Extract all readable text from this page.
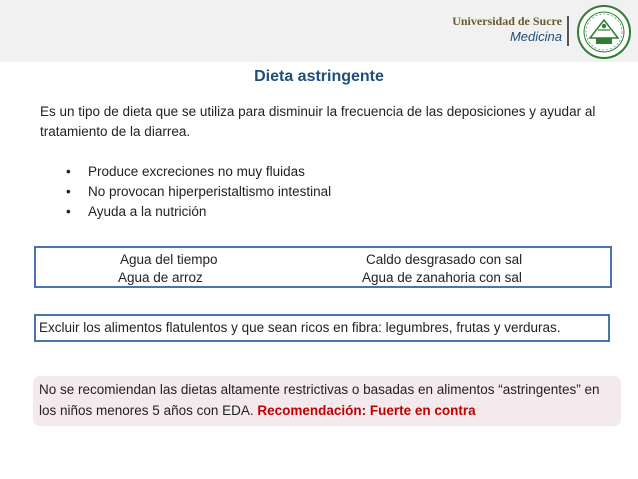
Universidad de Sucre
Medicina
Dieta astringente
Es un tipo de dieta que se utiliza para disminuir la frecuencia de las deposiciones y ayudar al tratamiento de la diarrea.
• Produce excreciones no muy fluidas
• No provocan hiperperistaltismo intestinal
• Ayuda a la nutrición
Agua del tiempo	Caldo desgrasado con sal
Agua de arroz	Agua de zanahoria con sal
Excluir los alimentos flatulentos y que sean ricos en fibra: legumbres, frutas y verduras.
No se recomiendan las dietas altamente restrictivas o basadas en alimentos “astringentes” en los niños menores 5 años con EDA. Recomendación: Fuerte en contra
